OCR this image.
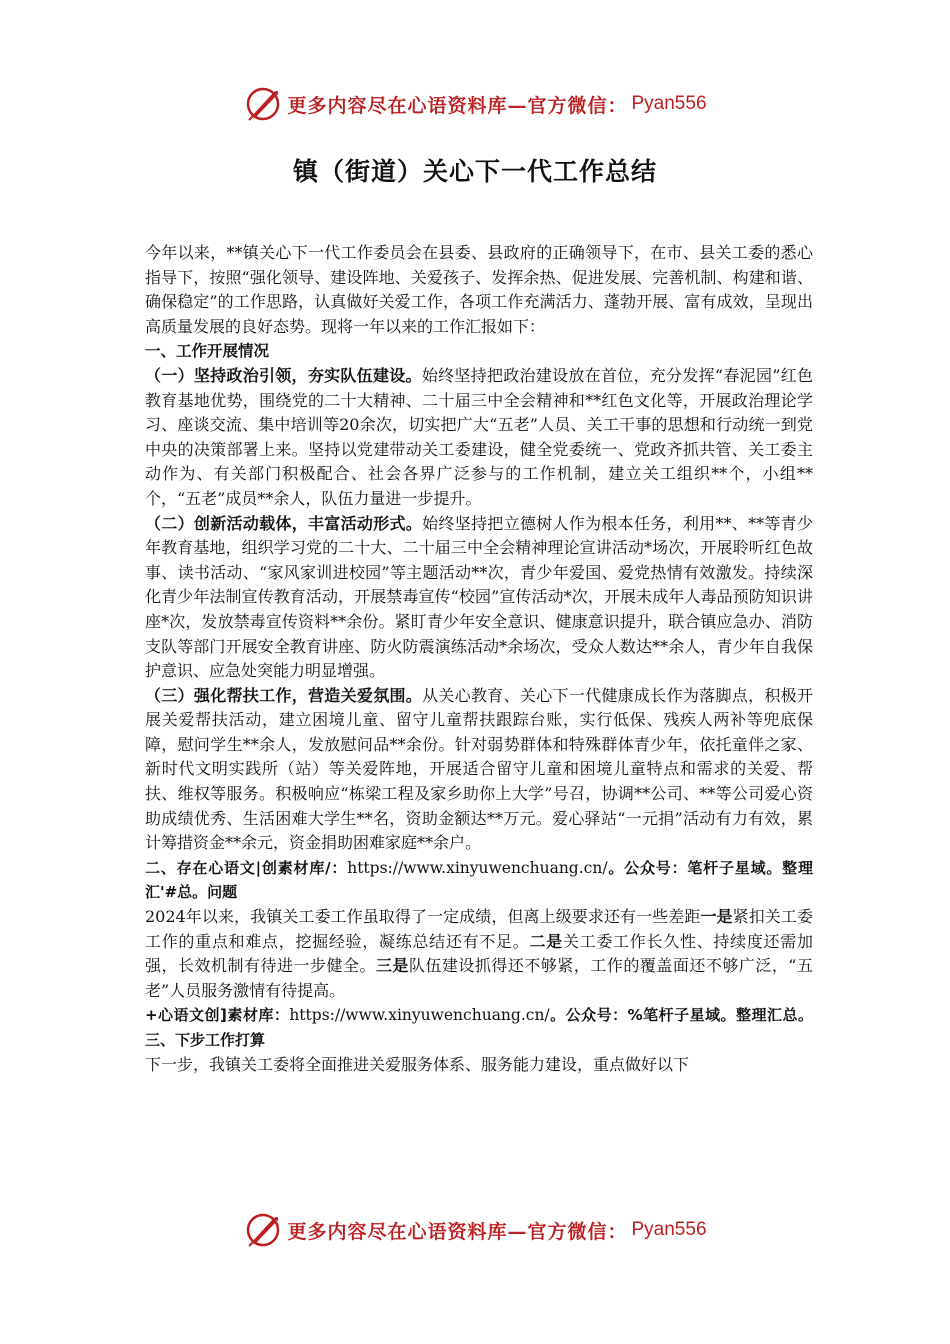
更多内容尽在心语资料库—官方微信： Pyan556
镇（街道）关心下一代工作总结

今年以来，**镇关心下一代工作委员会在县委、县政府的正确领导下，在市、县关工委的悉心指导下，按照“强化领导、建设阵地、关爱孩子、发挥余热、促进发展、完善机制、构建和谐、确保稳定”的工作思路，认真做好关爱工作，各项工作充满活力、蓬勃开展、富有成效，呈现出高质量发展的良好态势。现将一年以来的工作汇报如下：

一、工作开展情况

（一）坚持政治引领，夯实队伍建设。始终坚持把政治建设放在首位，充分发挥“春泥园”红色教育基地优势，围绕党的二十大精神、二十届三中全会精神和**红色文化等，开展政治理论学习、座谈交流、集中培训等20余次，切实把广大“五老”人员、关工干事的思想和行动统一到党中央的决策部署上来。坚持以党建带动关工委建设，健全党委统一、党政齐抓共管、关工委主动作为、有关部门积极配合、社会各界广泛参与的工作机制，建立关工组织**个，小组**个，“五老”成员**余人，队伍力量进一步提升。

（二）创新活动载体，丰富活动形式。始终坚持把立德树人作为根本任务，利用**、**等青少年教育基地，组织学习党的二十大、二十届三中全会精神理论宣讲活动*场次，开展聆听红色故事、读书活动、“家风家训进校园”等主题活动**次，青少年爱国、爱党热情有效激发。持续深化青少年法制宣传教育活动，开展禁毒宣传“校园”宣传活动*次，开展未成年人毒品预防知识讲座*次，发放禁毒宣传资料**余份。紧盯青少年安全意识、健康意识提升，联合镇应急办、消防支队等部门开展安全教育讲座、防火防震演练活动*余场次，受众人数达**余人，青少年自我保护意识、应急处突能力明显增强。

（三）强化帮扶工作，营造关爱氛围。从关心教育、关心下一代健康成长作为落脚点，积极开展关爱帮扶活动，建立困境儿童、留守儿童帮扶跟踪台账，实行低保、残疾人两补等兜底保障，慰问学生**余人，发放慰问品**余份。针对弱势群体和特殊群体青少年，依托童伴之家、新时代文明实践所（站）等关爱阵地，开展适合留守儿童和困境儿童特点和需求的关爱、帮扶、维权等服务。积极响应“栋梁工程及家乡助你上大学”号召，协调**公司、**等公司爱心资助成绩优秀、生活困难大学生**名，资助金额达**万元。爱心驿站“一元捐”活动有力有效，累计筹措资金**余元，资金捐助困难家庭**余户。

二、存在心语文|创素材库/：https://www.xinyuwenchuang.cn/。公众号：笔杆子星域。整理汇'#总。问题

2024年以来，我镇关工委工作虽取得了一定成绩，但离上级要求还有一些差距一是紧扣关工委工作的重点和难点，挖掘经验，凝练总结还有不足。二是关工委工作长久性、持续度还需加强，长效机制有待进一步健全。三是队伍建设抓得还不够紧，工作的覆盖面还不够广泛，“五老”人员服务激情有待提高。

+心语文创]素材库：https://www.xinyuwenchuang.cn/。公众号：%笔杆子星域。整理汇总。三、下步工作打算

下一步，我镇关工委将全面推进关爱服务体系、服务能力建设，重点做好以下

更多内容尽在心语资料库—官方微信： Pyan556
